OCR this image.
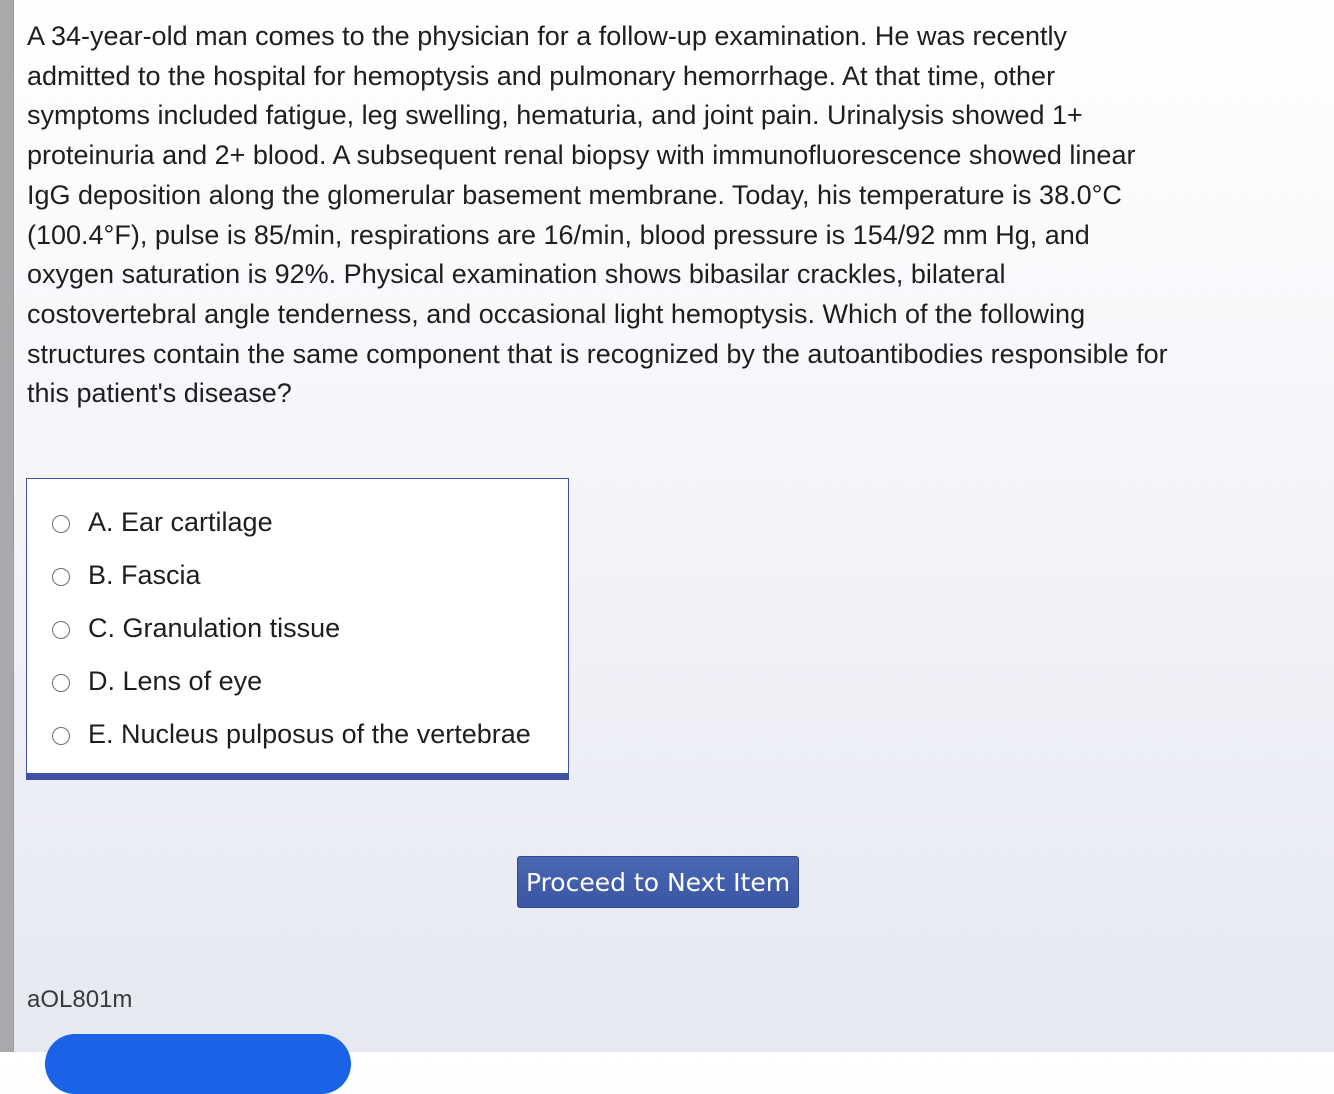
A 34-year-old man comes to the physician for a follow-up examination. He was recently admitted to the hospital for hemoptysis and pulmonary hemorrhage. At that time, other symptoms included fatigue, leg swelling, hematuria, and joint pain. Urinalysis showed 1+ proteinuria and 2+ blood. A subsequent renal biopsy with immunofluorescence showed linear IgG deposition along the glomerular basement membrane. Today, his temperature is 38.0°C (100.4°F), pulse is 85/min, respirations are 16/min, blood pressure is 154/92 mm Hg, and oxygen saturation is 92%. Physical examination shows bibasilar crackles, bilateral costovertebral angle tenderness, and occasional light hemoptysis. Which of the following structures contain the same component that is recognized by the autoantibodies responsible for this patient's disease?

A. Ear cartilage
B. Fascia
C. Granulation tissue
D. Lens of eye
E. Nucleus pulposus of the vertebrae
Proceed to Next Item
aOL801m
